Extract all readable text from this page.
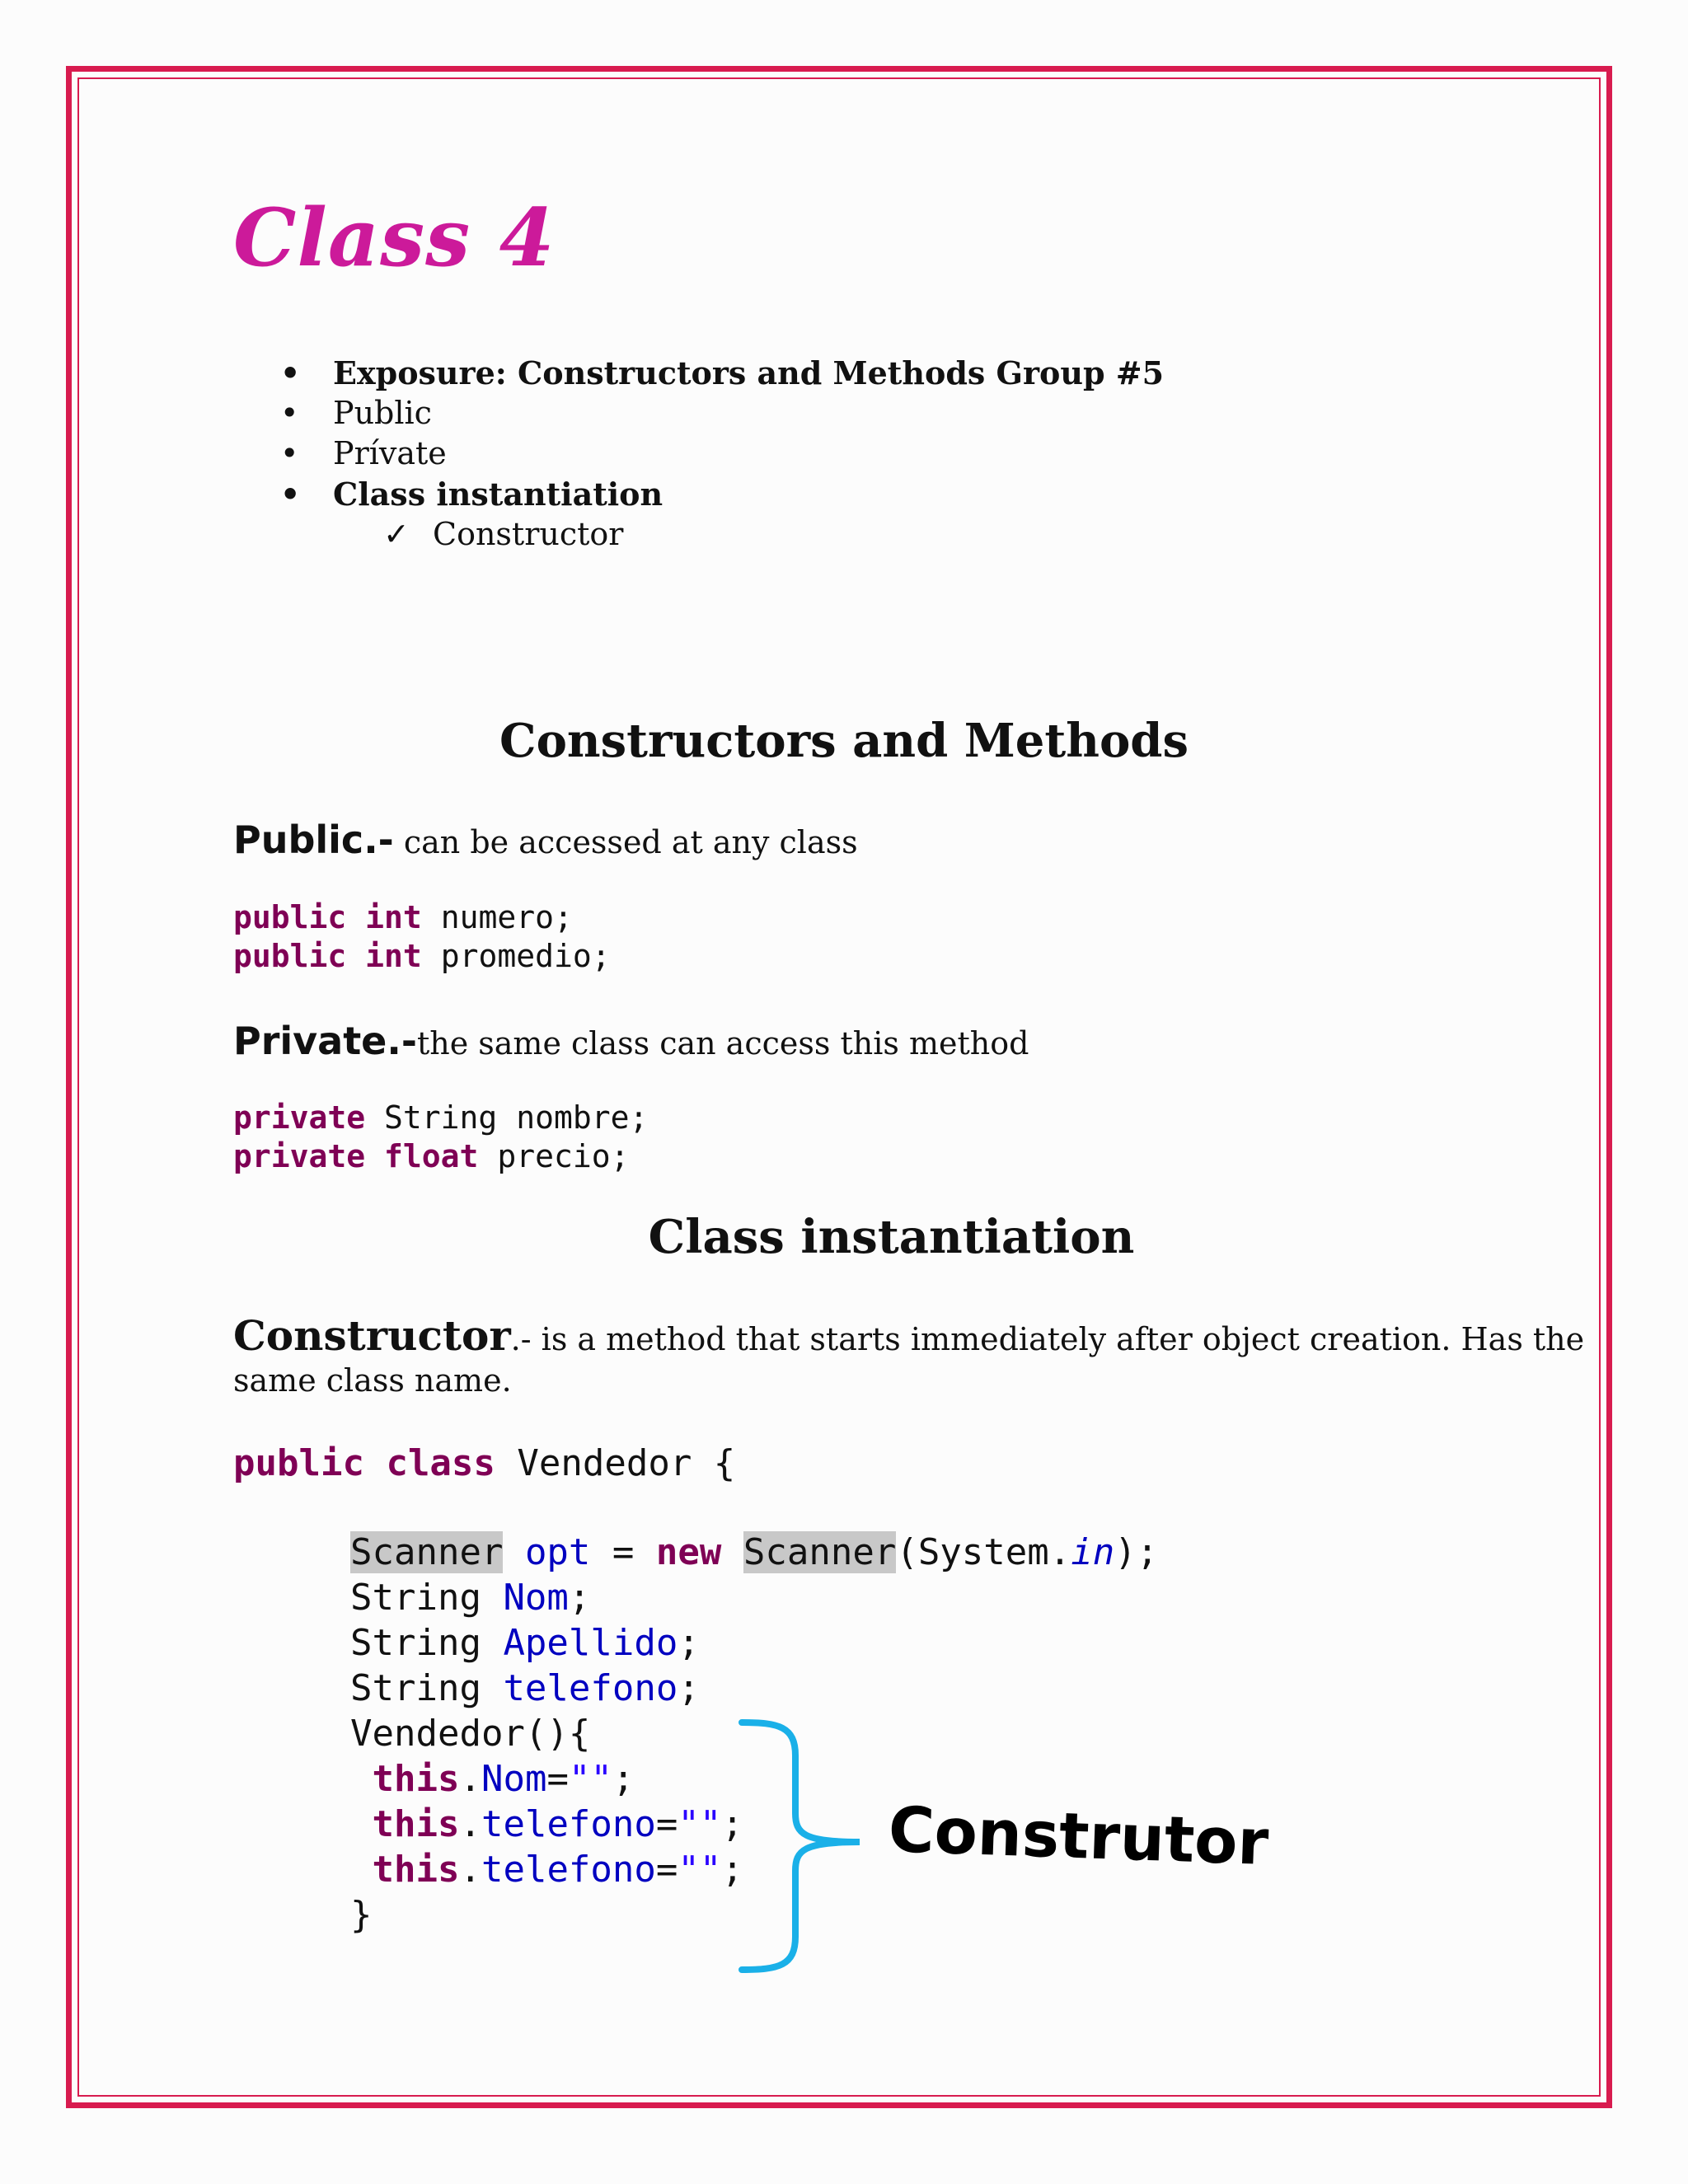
Class 4
• Exposure: Constructors and Methods Group #5
• Public
• Prívate
• Class instantiation
✓ Constructor
Constructors and Methods
Public.- can be accessed at any class
public int numero;
public int promedio;
Private.-the same class can access this method
private String nombre;
private float precio;
Class instantiation
Constructor.- is a method that starts immediately after object creation. Has the
same class name.
public class Vendedor {
Scanner opt = new Scanner(System.in);
String Nom;
String Apellido;
String telefono;
Vendedor(){
this.Nom="";
this.telefono="";
this.telefono="";
}
Construtor
